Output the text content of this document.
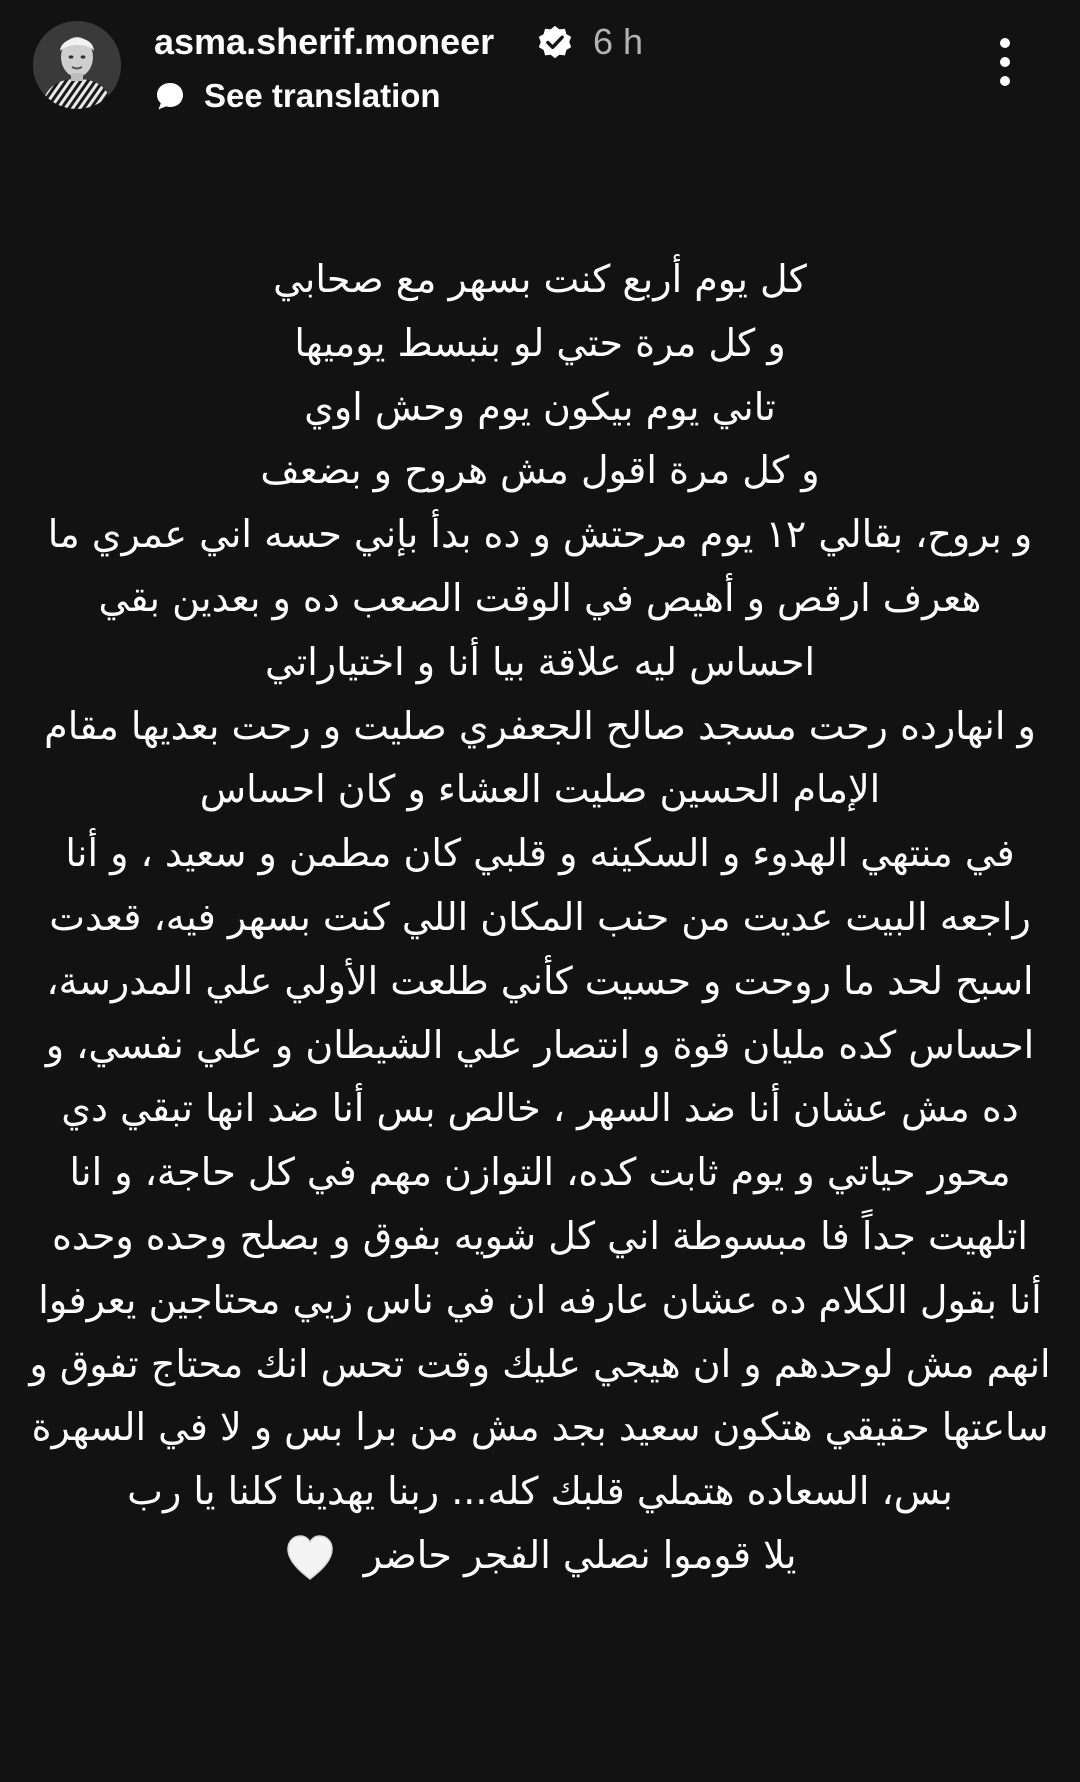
asma.sherif.moneer	6 h
See translation
كل يوم أربع كنت بسهر مع صحابي
و كل مرة حتي لو بنبسط يوميها
تاني يوم بيكون يوم وحش اوي
و كل مرة اقول مش هروح و بضعف
و بروح، بقالي ١٢ يوم مرحتش و ده بدأ بإني حسه اني عمري ما
هعرف ارقص و أهيص في الوقت الصعب ده و بعدين بقي
احساس ليه علاقة بيا أنا و اختياراتي
و انهارده رحت مسجد صالح الجعفري صليت و رحت بعديها مقام
الإمام الحسين صليت العشاء و كان احساس
في منتهي الهدوء و السكينه و قلبي كان مطمن و سعيد ، و أنا
راجعه البيت عديت من حنب المكان اللي كنت بسهر فيه، قعدت
اسبح لحد ما روحت و حسيت كأني طلعت الأولي علي المدرسة،
احساس كده مليان قوة و انتصار علي الشيطان و علي نفسي، و
ده مش عشان أنا ضد السهر ، خالص بس أنا ضد انها تبقي دي
محور حياتي و يوم ثابت كده، التوازن مهم في كل حاجة، و انا
اتلهيت جداً فا مبسوطة اني كل شويه بفوق و بصلح وحده وحده
أنا بقول الكلام ده عشان عارفه ان في ناس زيي محتاجين يعرفوا
انهم مش لوحدهم و ان هيجي عليك وقت تحس انك محتاج تفوق و
ساعتها حقيقي هتكون سعيد بجد مش من برا بس و لا في السهرة
بس، السعاده هتملي قلبك كله... ربنا يهدينا كلنا يا رب
يلا قوموا نصلي الفجر حاضر
